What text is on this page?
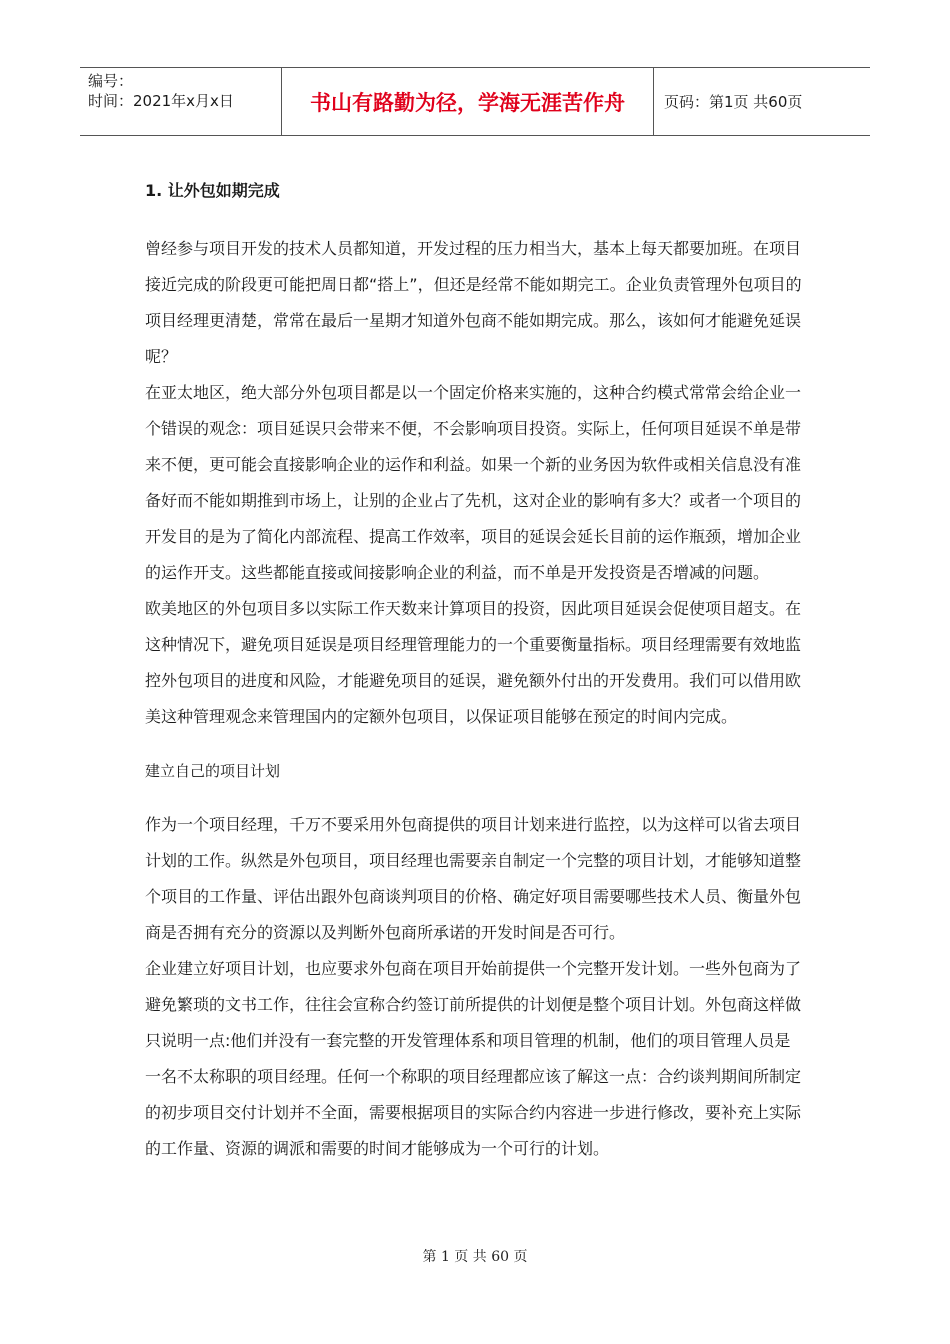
编号：
时间：2021年x月x日	书山有路勤为径，学海无涯苦作舟	页码：第1页 共60页
1. 让外包如期完成

曾经参与项目开发的技术人员都知道，开发过程的压力相当大，基本上每天都要加班。在项目接近完成的阶段更可能把周日都“搭上”，但还是经常不能如期完工。企业负责管理外包项目的项目经理更清楚，常常在最后一星期才知道外包商不能如期完成。那么，该如何才能避免延误呢？

在亚太地区，绝大部分外包项目都是以一个固定价格来实施的，这种合约模式常常会给企业一个错误的观念：项目延误只会带来不便，不会影响项目投资。实际上，任何项目延误不单是带来不便，更可能会直接影响企业的运作和利益。如果一个新的业务因为软件或相关信息没有准备好而不能如期推到市场上，让别的企业占了先机，这对企业的影响有多大？或者一个项目的开发目的是为了简化内部流程、提高工作效率，项目的延误会延长目前的运作瓶颈，增加企业的运作开支。这些都能直接或间接影响企业的利益，而不单是开发投资是否增减的问题。

欧美地区的外包项目多以实际工作天数来计算项目的投资，因此项目延误会促使项目超支。在这种情况下，避免项目延误是项目经理管理能力的一个重要衡量指标。项目经理需要有效地监控外包项目的进度和风险，才能避免项目的延误，避免额外付出的开发费用。我们可以借用欧美这种管理观念来管理国内的定额外包项目，以保证项目能够在预定的时间内完成。

建立自己的项目计划

作为一个项目经理，千万不要采用外包商提供的项目计划来进行监控，以为这样可以省去项目计划的工作。纵然是外包项目，项目经理也需要亲自制定一个完整的项目计划，才能够知道整个项目的工作量、评估出跟外包商谈判项目的价格、确定好项目需要哪些技术人员、衡量外包商是否拥有充分的资源以及判断外包商所承诺的开发时间是否可行。

企业建立好项目计划，也应要求外包商在项目开始前提供一个完整开发计划。一些外包商为了避免繁琐的文书工作，往往会宣称合约签订前所提供的计划便是整个项目计划。外包商这样做只说明一点:他们并没有一套完整的开发管理体系和项目管理的机制，他们的项目管理人员是一名不太称职的项目经理。任何一个称职的项目经理都应该了解这一点：合约谈判期间所制定的初步项目交付计划并不全面，需要根据项目的实际合约内容进一步进行修改，要补充上实际的工作量、资源的调派和需要的时间才能够成为一个可行的计划。

第 1 页 共 60 页
